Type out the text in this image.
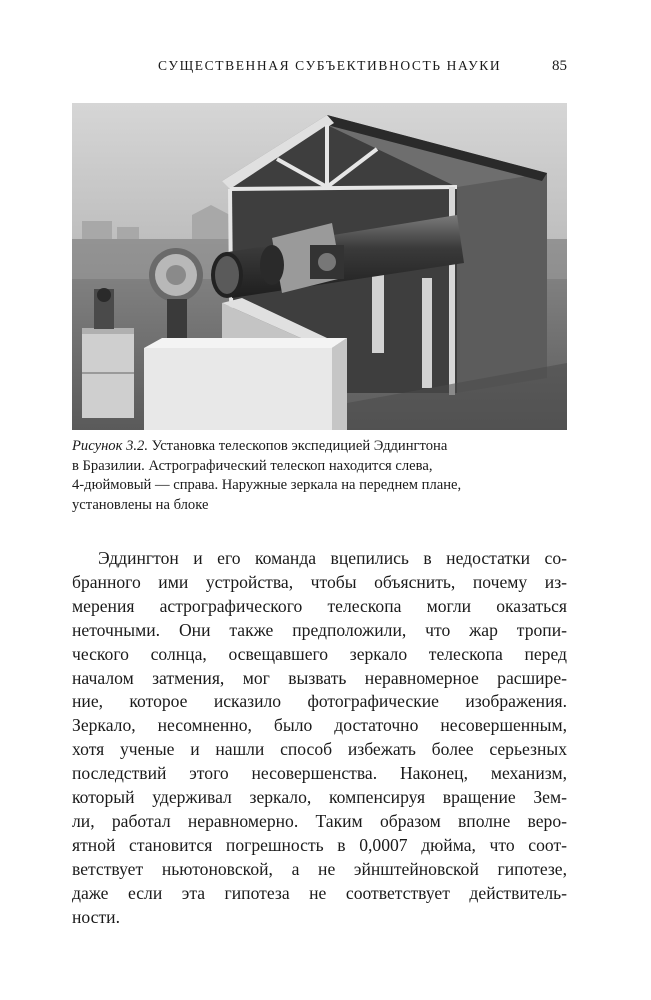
СУЩЕСТВЕННАЯ СУБЪЕКТИВНОСТЬ НАУКИ	85
Рисунок 3.2. Установка телескопов экспедицией Эддингтона
в Бразилии. Астрографический телескоп находится слева,
4-дюймовый — справа. Наружные зеркала на переднем плане,
установлены на блоке
Эддингтон и его команда вцепились в недостатки со-
бранного ими устройства, чтобы объяснить, почему из-
мерения астрографического телескопа могли оказаться
неточными. Они также предположили, что жар тропи-
ческого солнца, освещавшего зеркало телескопа перед
началом затмения, мог вызвать неравномерное расшире-
ние, которое исказило фотографические изображения.
Зеркало, несомненно, было достаточно несовершенным,
хотя ученые и нашли способ избежать более серьезных
последствий этого несовершенства. Наконец, механизм,
который удерживал зеркало, компенсируя вращение Зем-
ли, работал неравномерно. Таким образом вполне веро-
ятной становится погрешность в 0,0007 дюйма, что соот-
ветствует ньютоновской, а не эйнштейновской гипотезе,
даже если эта гипотеза не соответствует действитель-
ности.
